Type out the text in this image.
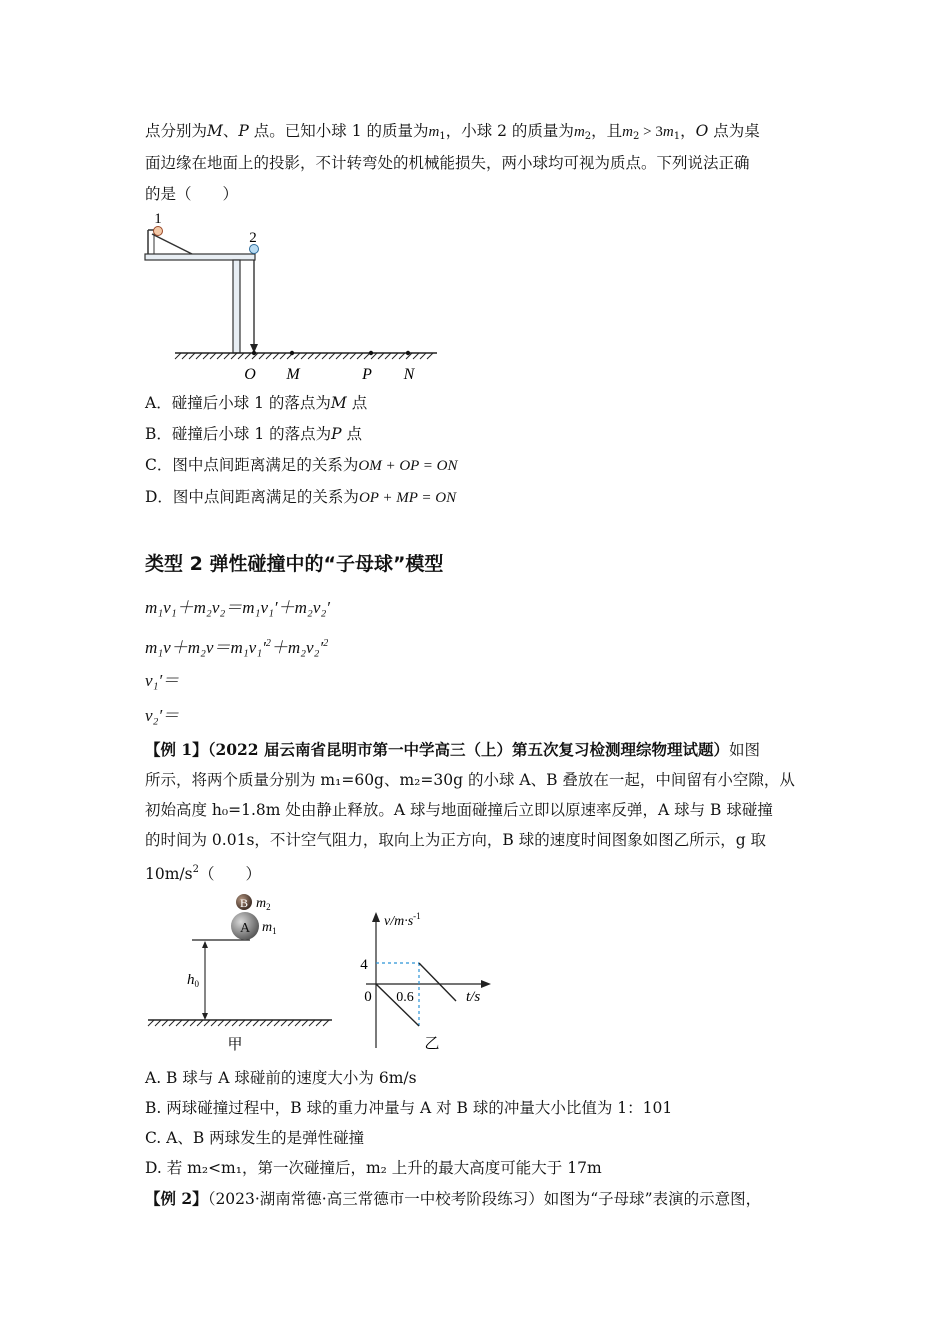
点分别为M、P 点。已知小球 1 的质量为$m_1$，小球 2 的质量为$m_2$，且$m_2 > 3m_1$，O 点为桌
面边缘在地面上的投影，不计转弯处的机械能损失，两小球均可视为质点。下列说法正确
的是（　　）
1
2
O M	P N
A．碰撞后小球 1 的落点为M 点
B．碰撞后小球 1 的落点为P 点
C．图中点间距离满足的关系为OM + OP = ON
D．图中点间距离满足的关系为OP + MP = ON
类型 2 弹性碰撞中的“子母球”模型
m₁v₁＋m₂v₂＝m₁v₁′＋m₂v₂′
$m_1v+m_2v=m_1v_1'^2+m_2v_2'^2$
v₁′＝
v₂′＝
【例 1】（2022 届云南省昆明市第一中学高三（上）第五次复习检测理综物理试题）如图
所示，将两个质量分别为 m₁=60g、m₂=30g 的小球 A、B 叠放在一起，中间留有小空隙，从
初始高度 h₀=1.8m 处由静止释放。A 球与地面碰撞后立即以原速率反弹，A 球与 B 球碰撞
的时间为 0.01s，不计空气阻力，取向上为正方向，B 球的速度时间图象如图乙所示，g 取
$10m/s^2$（　　）
A
B $m_2$
$m_1$
$h_0$
甲
$v/m\cdot s^{-1}$
4
0 0.6	t/s
乙
A. B 球与 A 球碰前的速度大小为 6m/s
B. 两球碰撞过程中，B 球的重力冲量与 A 对 B 球的冲量大小比值为 1：101
C. A、B 两球发生的是弹性碰撞
D. 若 m₂<m₁，第一次碰撞后，m₂ 上升的最大高度可能大于 17m
【例 2】（2023·湖南常德·高三常德市一中校考阶段练习）如图为“子母球”表演的示意图，
